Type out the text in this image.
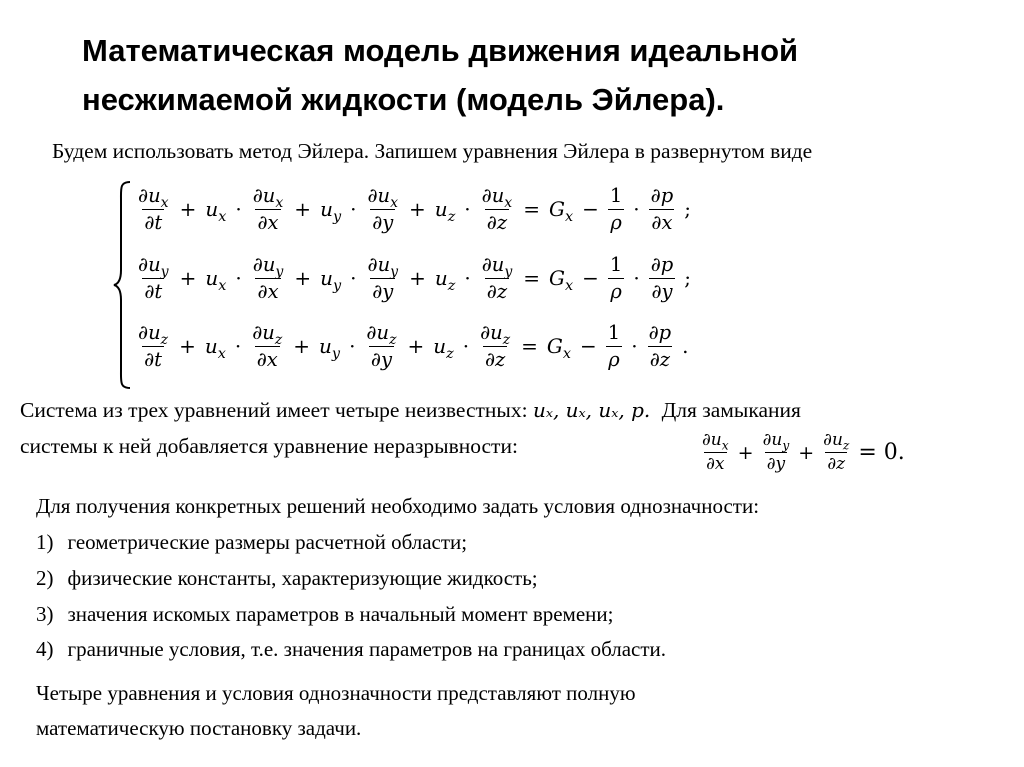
Математическая модель движения идеальной несжимаемой жидкости (модель Эйлера).
Будем использовать метод Эйлера. Запишем уравнения Эйлера в развернутом виде
$\frac{\partial u_x}{\partial t} + u_x \cdot \frac{\partial u_x}{\partial x} + u_y \cdot \frac{\partial u_x}{\partial y} + u_z \cdot \frac{\partial u_x}{\partial z} = G_x - \frac{1}{\rho} \cdot \frac{\partial p}{\partial x}$ ;
$\frac{\partial u_y}{\partial t} + u_x \cdot \frac{\partial u_y}{\partial x} + u_y \cdot \frac{\partial u_y}{\partial y} + u_z \cdot \frac{\partial u_y}{\partial z} = G_x - \frac{1}{\rho} \cdot \frac{\partial p}{\partial y}$ ;
$\frac{\partial u_z}{\partial t} + u_x \cdot \frac{\partial u_z}{\partial x} + u_y \cdot \frac{\partial u_z}{\partial y} + u_z \cdot \frac{\partial u_z}{\partial z} = G_x - \frac{1}{\rho} \cdot \frac{\partial p}{\partial z}$ .
Система из трех уравнений имеет четыре неизвестных: uₓ, uₓ, uₓ, p. Для замыкания
системы к ней добавляется уравнение неразрывности:	$\frac{\partial u_x}{\partial x} + \frac{\partial u_y}{\partial y} + \frac{\partial u_z}{\partial z} = 0$.
Для получения конкретных решений необходимо задать условия однозначности:
1) геометрические размеры расчетной области;
2) физические константы, характеризующие жидкость;
3) значения искомых параметров в начальный момент времени;
4) граничные условия, т.е. значения параметров на границах области.
Четыре уравнения и условия однозначности представляют полную
математическую постановку задачи.
